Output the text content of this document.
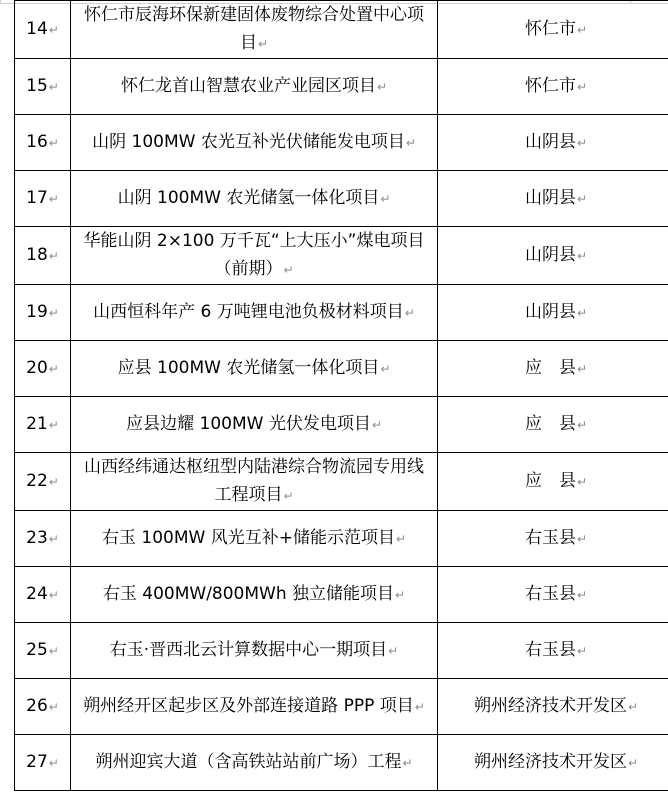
14↵	怀仁市辰海环保新建固体废物综合处置中心项目↵	怀仁市↵
15↵	怀仁龙首山智慧农业产业园区项目↵	怀仁市↵
16↵	山阴 100MW 农光互补光伏储能发电项目↵	山阴县↵
17↵	山阴 100MW 农光储氢一体化项目↵	山阴县↵
18↵	华能山阴 2×100 万千瓦“上大压小”煤电项目（前期）↵	山阴县↵
19↵	山西恒科年产 6 万吨锂电池负极材料项目↵	山阴县↵
20↵	应县 100MW 农光储氢一体化项目↵	应　县↵
21↵	应县边耀 100MW 光伏发电项目↵	应　县↵
22↵	山西经纬通达枢纽型内陆港综合物流园专用线工程项目↵	应　县↵
23↵	右玉 100MW 风光互补+储能示范项目↵	右玉县↵
24↵	右玉 400MW/800MWh 独立储能项目↵	右玉县↵
25↵	右玉·晋西北云计算数据中心一期项目↵	右玉县↵
26↵	朔州经开区起步区及外部连接道路 PPP 项目↵	朔州经济技术开发区↵
27↵	朔州迎宾大道（含高铁站站前广场）工程↵	朔州经济技术开发区↵
